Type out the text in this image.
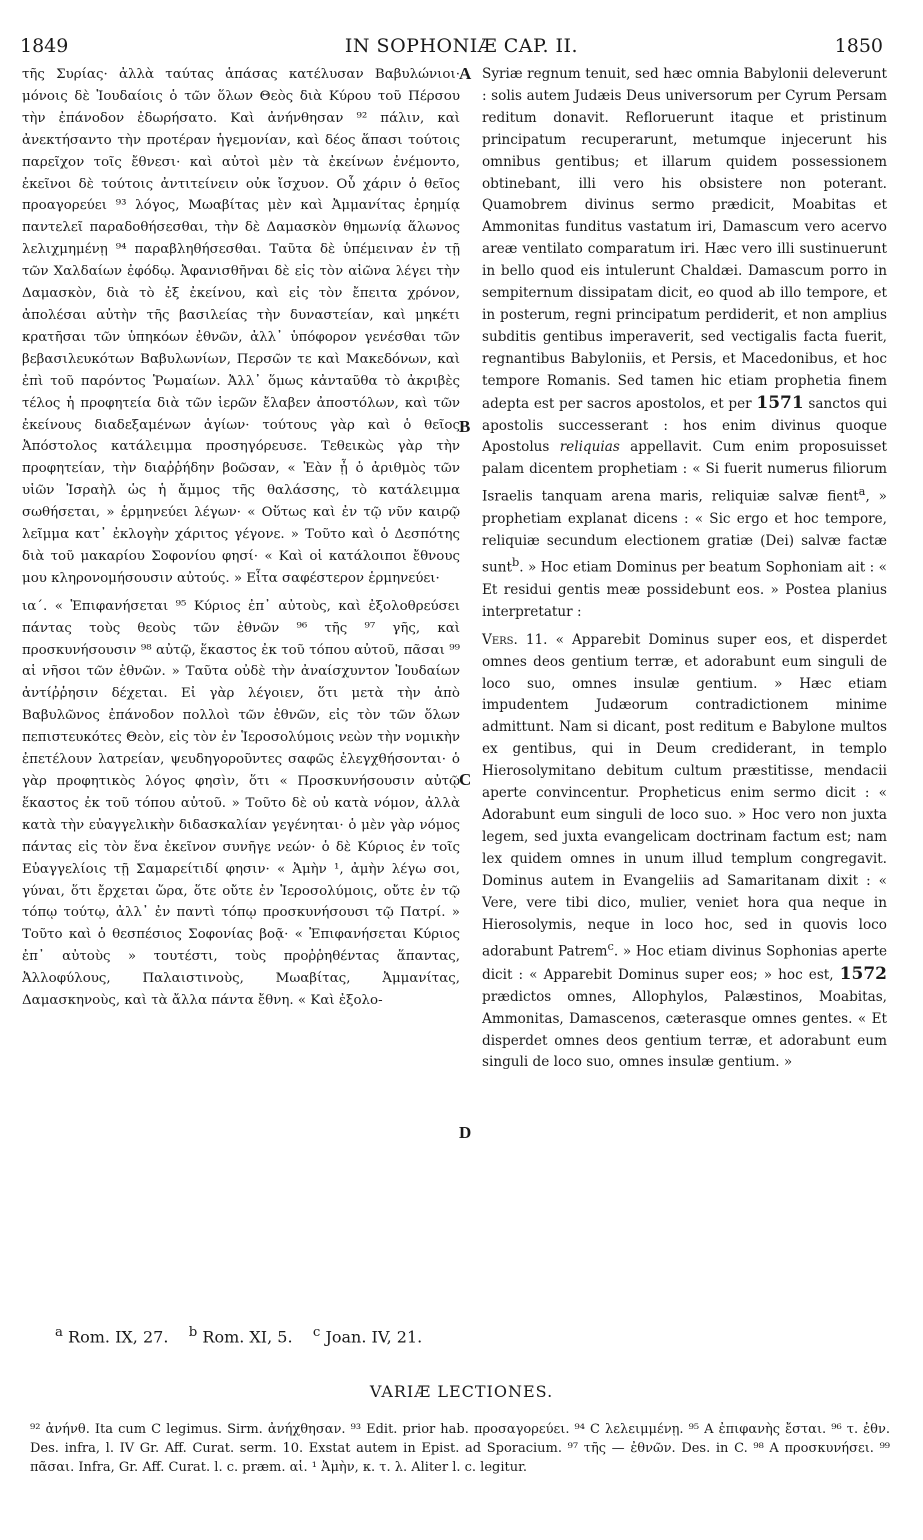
1849	IN SOPHONIÆ CAP. II.	1850
A
B
C
D

τῆς Συρίας· ἀλλὰ ταύτας ἁπάσας κατέλυσαν Βαβυλώνιοι· μόνοις δὲ Ἰουδαίοις ὁ τῶν ὅλων Θεὸς διὰ Κύρου τοῦ Πέρσου τὴν ἐπάνοδον ἐδωρήσατο. Καὶ ἀνήνθησαν ⁹² πάλιν, καὶ ἀνεκτήσαντο τὴν προτέραν ἡγεμονίαν, καὶ δέος ἅπασι τούτοις παρεῖχον τοῖς ἔθνεσι· καὶ αὐτοὶ μὲν τὰ ἐκείνων ἐνέμοντο, ἐκεῖνοι δὲ τούτοις ἀντιτείνειν οὐκ ἴσχυον. Οὗ χάριν ὁ θεῖος προαγορεύει ⁹³ λόγος, Μωαβίτας μὲν καὶ Ἀμμανίτας ἐρημίᾳ παντελεῖ παραδοθήσεσθαι, τὴν δὲ Δαμασκὸν θημωνίᾳ ἅλωνος λελιχμημένῃ ⁹⁴ παραβληθήσεσθαι. Ταῦτα δὲ ὑπέμειναν ἐν τῇ τῶν Χαλδαίων ἐφόδῳ. Ἀφανισθῆναι δὲ εἰς τὸν αἰῶνα λέγει τὴν Δαμασκὸν, διὰ τὸ ἐξ ἐκείνου, καὶ εἰς τὸν ἔπειτα χρόνον, ἀπολέσαι αὐτὴν τῆς βασιλείας τὴν δυναστείαν, καὶ μηκέτι κρατῆσαι τῶν ὑπηκόων ἐθνῶν, ἀλλ᾽ ὑπόφορον γενέσθαι τῶν βεβασιλευκότων Βαβυλωνίων, Περσῶν τε καὶ Μακεδόνων, καὶ ἐπὶ τοῦ παρόντος Ῥωμαίων. Ἀλλ᾽ ὅμως κἀνταῦθα τὸ ἀκριβὲς τέλος ἡ προφητεία διὰ τῶν ἱερῶν ἔλαβεν ἀποστόλων, καὶ τῶν ἐκείνους διαδεξαμένων ἁγίων· τούτους γὰρ καὶ ὁ θεῖος Ἀπόστολος κατάλειμμα προσηγόρευσε. Τεθεικὼς γὰρ τὴν προφητείαν, τὴν διαῤῥήδην βοῶσαν, « Ἐὰν ᾖ ὁ ἀριθμὸς τῶν υἱῶν Ἰσραὴλ ὡς ἡ ἄμμος τῆς θαλάσσης, τὸ κατάλειμμα σωθήσεται, » ἑρμηνεύει λέγων· « Οὕτως καὶ ἐν τῷ νῦν καιρῷ λεῖμμα κατ᾽ ἐκλογὴν χάριτος γέγονε. » Τοῦτο καὶ ὁ Δεσπότης διὰ τοῦ μακαρίου Σοφονίου φησί· « Καὶ οἱ κατάλοιποι ἔθνους μου κληρονομήσουσιν αὐτούς. » Εἶτα σαφέστερον ἑρμηνεύει·

ια΄. « Ἐπιφανήσεται ⁹⁵ Κύριος ἐπ᾽ αὐτοὺς, καὶ ἐξολοθρεύσει πάντας τοὺς θεοὺς τῶν ἐθνῶν ⁹⁶ τῆς ⁹⁷ γῆς, καὶ προσκυνήσουσιν ⁹⁸ αὐτῷ, ἕκαστος ἐκ τοῦ τόπου αὐτοῦ, πᾶσαι ⁹⁹ αἱ νῆσοι τῶν ἐθνῶν. » Ταῦτα οὐδὲ τὴν ἀναίσχυντον Ἰουδαίων ἀντίῤῥησιν δέχεται. Εἰ γὰρ λέγοιεν, ὅτι μετὰ τὴν ἀπὸ Βαβυλῶνος ἐπάνοδον πολλοὶ τῶν ἐθνῶν, εἰς τὸν τῶν ὅλων πεπιστευκότες Θεὸν, εἰς τὸν ἐν Ἱεροσολύμοις νεὼν τὴν νομικὴν ἐπετέλουν λατρείαν, ψευδηγοροῦντες σαφῶς ἐλεγχθήσονται· ὁ γὰρ προφητικὸς λόγος φησὶν, ὅτι « Προσκυνήσουσιν αὐτῷ ἕκαστος ἐκ τοῦ τόπου αὐτοῦ. » Τοῦτο δὲ οὐ κατὰ νόμον, ἀλλὰ κατὰ τὴν εὐαγγελικὴν διδασκαλίαν γεγένηται· ὁ μὲν γὰρ νόμος πάντας εἰς τὸν ἕνα ἐκεῖνον συνῆγε νεών· ὁ δὲ Κύριος ἐν τοῖς Εὐαγγελίοις τῇ Σαμαρείτιδί φησιν· « Ἀμὴν ¹, ἀμὴν λέγω σοι, γύναι, ὅτι ἔρχεται ὥρα, ὅτε οὔτε ἐν Ἱεροσολύμοις, οὔτε ἐν τῷ τόπῳ τούτῳ, ἀλλ᾽ ἐν παντὶ τόπῳ προσκυνήσουσι τῷ Πατρί. » Τοῦτο καὶ ὁ θεσπέσιος Σοφονίας βοᾷ· « Ἐπιφανήσεται Κύριος ἐπ᾽ αὐτοὺς » τουτέστι, τοὺς προῤῥηθέντας ἅπαντας, Ἀλλοφύλους, Παλαιστινοὺς, Μωαβίτας, Ἀμμανίτας, Δαμασκηνοὺς, καὶ τὰ ἄλλα πάντα ἔθνη. « Καὶ ἐξολο-

Syriæ regnum tenuit, sed hæc omnia Babylonii deleverunt : solis autem Judæis Deus universorum per Cyrum Persam reditum donavit. Refloruerunt itaque et pristinum principatum recuperarunt, metumque injecerunt his omnibus gentibus; et illarum quidem possessionem obtinebant, illi vero his obsistere non poterant. Quamobrem divinus sermo prædicit, Moabitas et Ammonitas funditus vastatum iri, Damascum vero acervo areæ ventilato comparatum iri. Hæc vero illi sustinuerunt in bello quod eis intulerunt Chaldæi. Damascum porro in sempiternum dissipatam dicit, eo quod ab illo tempore, et in posterum, regni principatum perdiderit, et non amplius subditis gentibus imperaverit, sed vectigalis facta fuerit, regnantibus Babyloniis, et Persis, et Macedonibus, et hoc tempore Romanis. Sed tamen hic etiam prophetia finem adepta est per sacros apostolos, et per 1571 sanctos qui apostolis successerant : hos enim divinus quoque Apostolus reliquias appellavit. Cum enim proposuisset palam dicentem prophetiam : « Si fuerit numerus filiorum Israelis tanquam arena maris, reliquiæ salvæ fient$^a$, » prophetiam explanat dicens : « Sic ergo et hoc tempore, reliquiæ secundum electionem gratiæ (Dei) salvæ factæ sunt$^b$. » Hoc etiam Dominus per beatum Sophoniam ait : « Et residui gentis meæ possidebunt eos. » Postea planius interpretatur :

Vers. 11. « Apparebit Dominus super eos, et disperdet omnes deos gentium terræ, et adorabunt eum singuli de loco suo, omnes insulæ gentium. » Hæc etiam impudentem Judæorum contradictionem minime admittunt. Nam si dicant, post reditum e Babylone multos ex gentibus, qui in Deum crediderant, in templo Hierosolymitano debitum cultum præstitisse, mendacii aperte convincentur. Propheticus enim sermo dicit : « Adorabunt eum singuli de loco suo. » Hoc vero non juxta legem, sed juxta evangelicam doctrinam factum est; nam lex quidem omnes in unum illud templum congregavit. Dominus autem in Evangeliis ad Samaritanam dixit : « Vere, vere tibi dico, mulier, veniet hora qua neque in Hierosolymis, neque in loco hoc, sed in quovis loco adorabunt Patrem$^c$. » Hoc etiam divinus Sophonias aperte dicit : « Apparebit Dominus super eos; » hoc est, 1572 prædictos omnes, Allophylos, Palæstinos, Moabitas, Ammonitas, Damascenos, cæterasque omnes gentes. « Et disperdet omnes deos gentium terræ, et adorabunt eum singuli de loco suo, omnes insulæ gentium. »

$^a$ Rom. IX, 27. $^b$ Rom. XI, 5. $^c$ Joan. IV, 21.
VARIÆ LECTIONES.
⁹² ἀνήνθ. Ita cum C legimus. Sirm. ἀνήχθησαν. ⁹³ Edit. prior hab. προσαγορεύει. ⁹⁴ C λελειμμένῃ. ⁹⁵ A ἐπιφανὴς ἔσται. ⁹⁶ τ. ἐθν. Des. infra, l. IV Gr. Aff. Curat. serm. 10. Exstat autem in Epist. ad Sporacium. ⁹⁷ τῆς — ἐθνῶν. Des. in C. ⁹⁸ A προσκυνήσει. ⁹⁹ πᾶσαι. Infra, Gr. Aff. Curat. l. c. præm. αἱ. ¹ Ἀμὴν, κ. τ. λ. Aliter l. c. legitur.
